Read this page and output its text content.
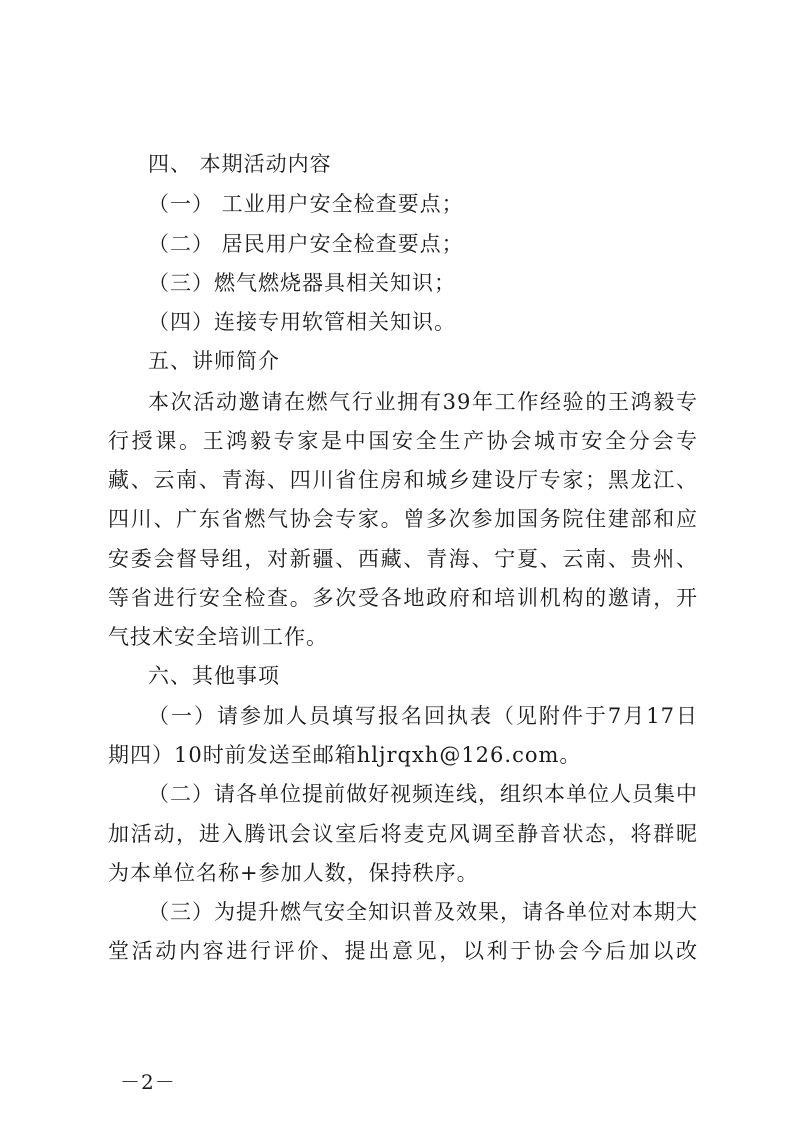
四、 本期活动内容
（一） 工业用户安全检查要点；
（二） 居民用户安全检查要点；
（三）燃气燃烧器具相关知识；
（四）连接专用软管相关知识。
五、讲师简介
本次活动邀请在燃气行业拥有39年工作经验的王鸿毅专
行授课。王鸿毅专家是中国安全生产协会城市安全分会专
藏、云南、青海、四川省住房和城乡建设厅专家；黑龙江、
四川、广东省燃气协会专家。曾多次参加国务院住建部和应
安委会督导组，对新疆、西藏、青海、宁夏、云南、贵州、
等省进行安全检查。多次受各地政府和培训机构的邀请，开
气技术安全培训工作。
六、其他事项
（一）请参加人员填写报名回执表（见附件于7月17日
期四）10时前发送至邮箱hljrqxh@126.com。
（二）请各单位提前做好视频连线，组织本单位人员集中
加活动，进入腾讯会议室后将麦克风调至静音状态，将群昵
为本单位名称+参加人数，保持秩序。
（三）为提升燃气安全知识普及效果，请各单位对本期大
堂活动内容进行评价、提出意见，以利于协会今后加以改
－2－
